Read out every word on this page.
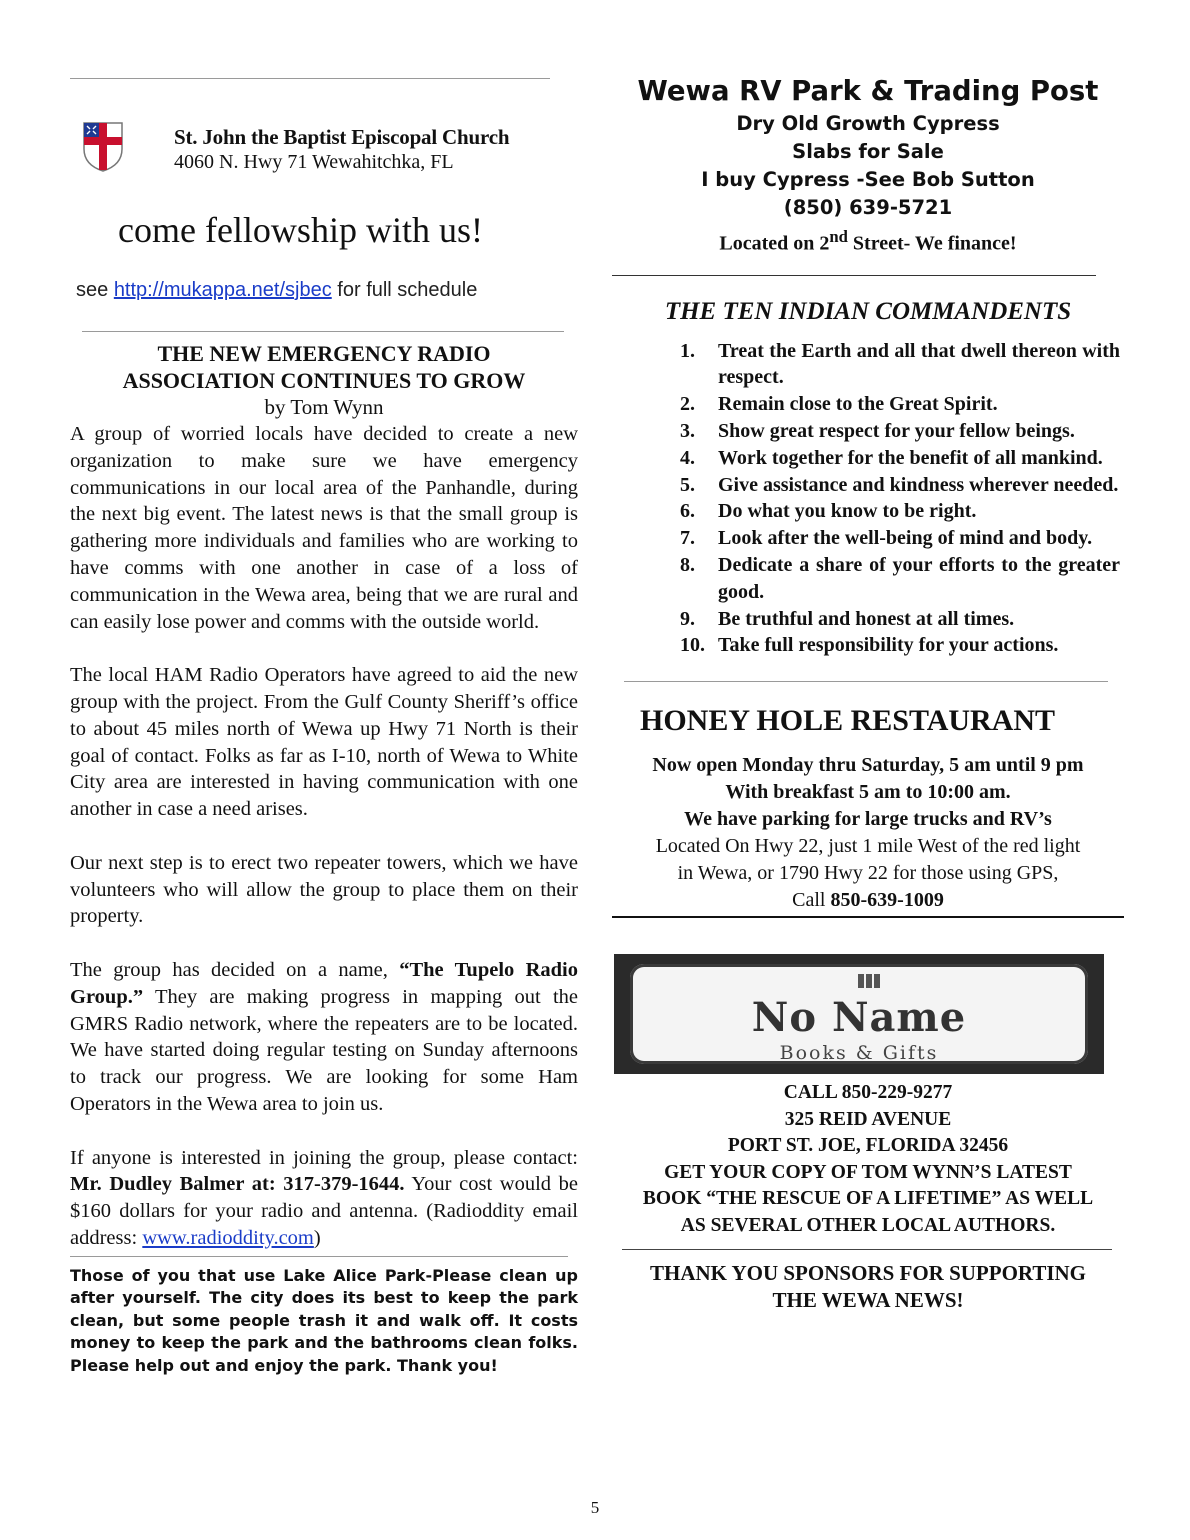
St. John the Baptist Episcopal Church
4060 N. Hwy 71 Wewahitchka, FL
come fellowship with us!
see http://mukappa.net/sjbec for full schedule
THE NEW EMERGENCY RADIO
ASSOCIATION CONTINUES TO GROW
by Tom Wynn

A group of worried locals have decided to create a new organization to make sure we have emergency communications in our local area of the Panhandle, during the next big event. The latest news is that the small group is gathering more individuals and families who are working to have comms with one another in case of a loss of communication in the Wewa area, being that we are rural and can easily lose power and comms with the outside world.

The local HAM Radio Operators have agreed to aid the new group with the project. From the Gulf County Sheriff’s office to about 45 miles north of Wewa up Hwy 71 North is their goal of contact. Folks as far as I-10, north of Wewa to White City area are interested in having communication with one another in case a need arises.

Our next step is to erect two repeater towers, which we have volunteers who will allow the group to place them on their property.

The group has decided on a name, “The Tupelo Radio Group.” They are making progress in mapping out the GMRS Radio network, where the repeaters are to be located. We have started doing regular testing on Sunday afternoons to track our progress. We are looking for some Ham Operators in the Wewa area to join us.

If anyone is interested in joining the group, please contact: Mr. Dudley Balmer at: 317-379-1644. Your cost would be $160 dollars for your radio and antenna. (Radioddity email address: www.radioddity.com)

Those of you that use Lake Alice Park-Please clean up after yourself. The city does its best to keep the park clean, but some people trash it and walk off. It costs money to keep the park and the bathrooms clean folks. Please help out and enjoy the park. Thank you!
Wewa RV Park & Trading Post
Dry Old Growth Cypress
Slabs for Sale
I buy Cypress -See Bob Sutton
(850) 639-5721
Located on 2nd Street- We finance!
THE TEN INDIAN COMMANDENTS
1. Treat the Earth and all that dwell thereon with respect.
2. Remain close to the Great Spirit.
3. Show great respect for your fellow beings.
4. Work together for the benefit of all mankind.
5. Give assistance and kindness wherever needed.
6. Do what you know to be right.
7. Look after the well-being of mind and body.
8. Dedicate a share of your efforts to the greater good.
9. Be truthful and honest at all times.
10. Take full responsibility for your actions.
HONEY HOLE RESTAURANT
Now open Monday thru Saturday, 5 am until 9 pm
With breakfast 5 am to 10:00 am.
We have parking for large trucks and RV’s
Located On Hwy 22, just 1 mile West of the red light
in Wewa, or 1790 Hwy 22 for those using GPS,
Call 850-639-1009
No Name
Books & Gifts
CALL 850-229-9277
325 REID AVENUE
PORT ST. JOE, FLORIDA 32456
GET YOUR COPY OF TOM WYNN’S LATEST
BOOK “THE RESCUE OF A LIFETIME” AS WELL
AS SEVERAL OTHER LOCAL AUTHORS.
THANK YOU SPONSORS FOR SUPPORTING
THE WEWA NEWS!
5
